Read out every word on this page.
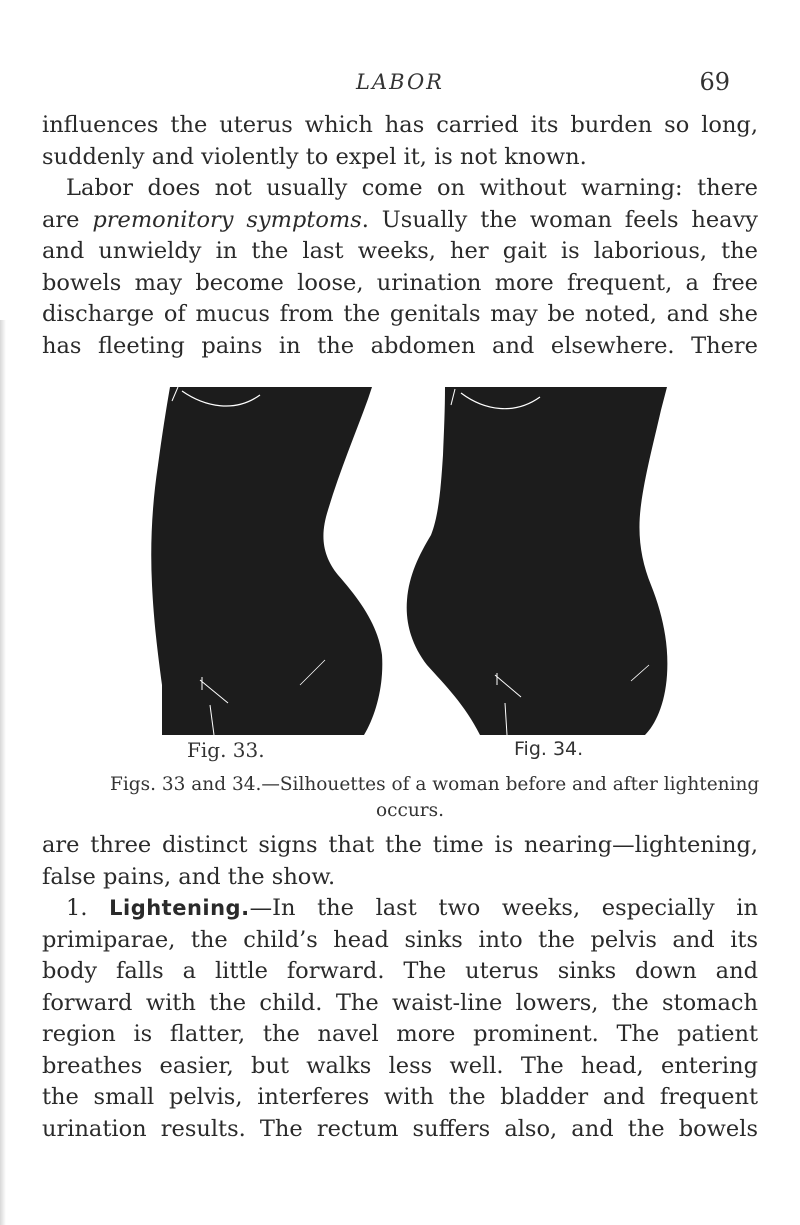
LABOR	69
influences the uterus which has carried its burden so long,
suddenly and violently to expel it, is not known.
Labor does not usually come on without warning: there
are premonitory symptoms. Usually the woman feels heavy
and unwieldy in the last weeks, her gait is laborious, the
bowels may become loose, urination more frequent, a free
discharge of mucus from the genitals may be noted, and she
has fleeting pains in the abdomen and elsewhere. There
Fig. 33.	Fig. 34.
Figs. 33 and 34.—Silhouettes of a woman before and after lightening
occurs.
are three distinct signs that the time is nearing—lightening,
false pains, and the show.
1. Lightening.—In the last two weeks, especially in
primiparae, the child’s head sinks into the pelvis and its
body falls a little forward. The uterus sinks down and
forward with the child. The waist-line lowers, the stomach
region is flatter, the navel more prominent. The patient
breathes easier, but walks less well. The head, entering
the small pelvis, interferes with the bladder and frequent
urination results. The rectum suffers also, and the bowels
